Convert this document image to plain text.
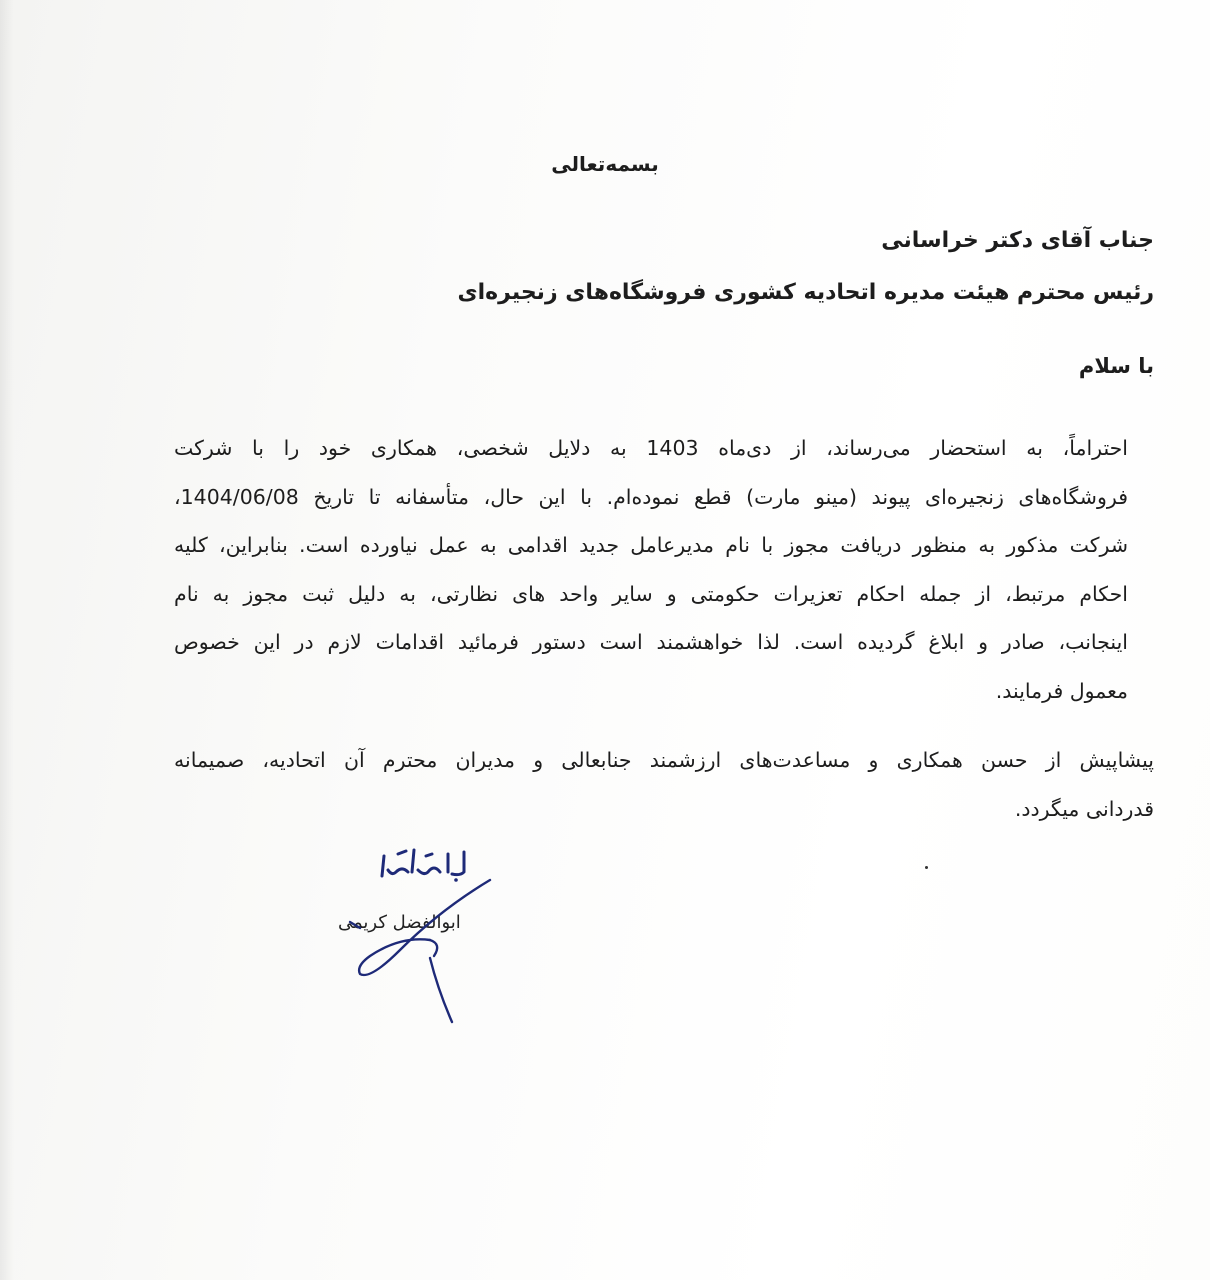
بسمه‌تعالی
جناب آقای دکتر خراسانی
رئیس محترم هیئت مدیره اتحادیه کشوری فروشگاه‌های زنجیره‌ای
با سلام
احتراماً، به استحضار می‌رساند، از دی‌ماه 1403 به دلایل شخصی، همکاری خود را با شرکت
فروشگاه‌های زنجیره‌ای پیوند (مینو مارت) قطع نموده‌ام. با این حال، متأسفانه تا تاریخ 1404/06/08،
شرکت مذکور به منظور دریافت مجوز با نام مدیرعامل جدید اقدامی به عمل نیاورده است. بنابراین، کلیه
احکام مرتبط، از جمله احکام تعزیرات حکومتی و سایر واحد های نظارتی، به دلیل ثبت مجوز به نام
اینجانب، صادر و ابلاغ گردیده است. لذا خواهشمند است دستور فرمائید اقدامات لازم در این خصوص
معمول فرمایند.
پیشاپیش از حسن همکاری و مساعدت‌های ارزشمند جنابعالی و مدیران محترم آن اتحادیه، صمیمانه
قدردانی میگردد.
ابوالفضل کریمی
